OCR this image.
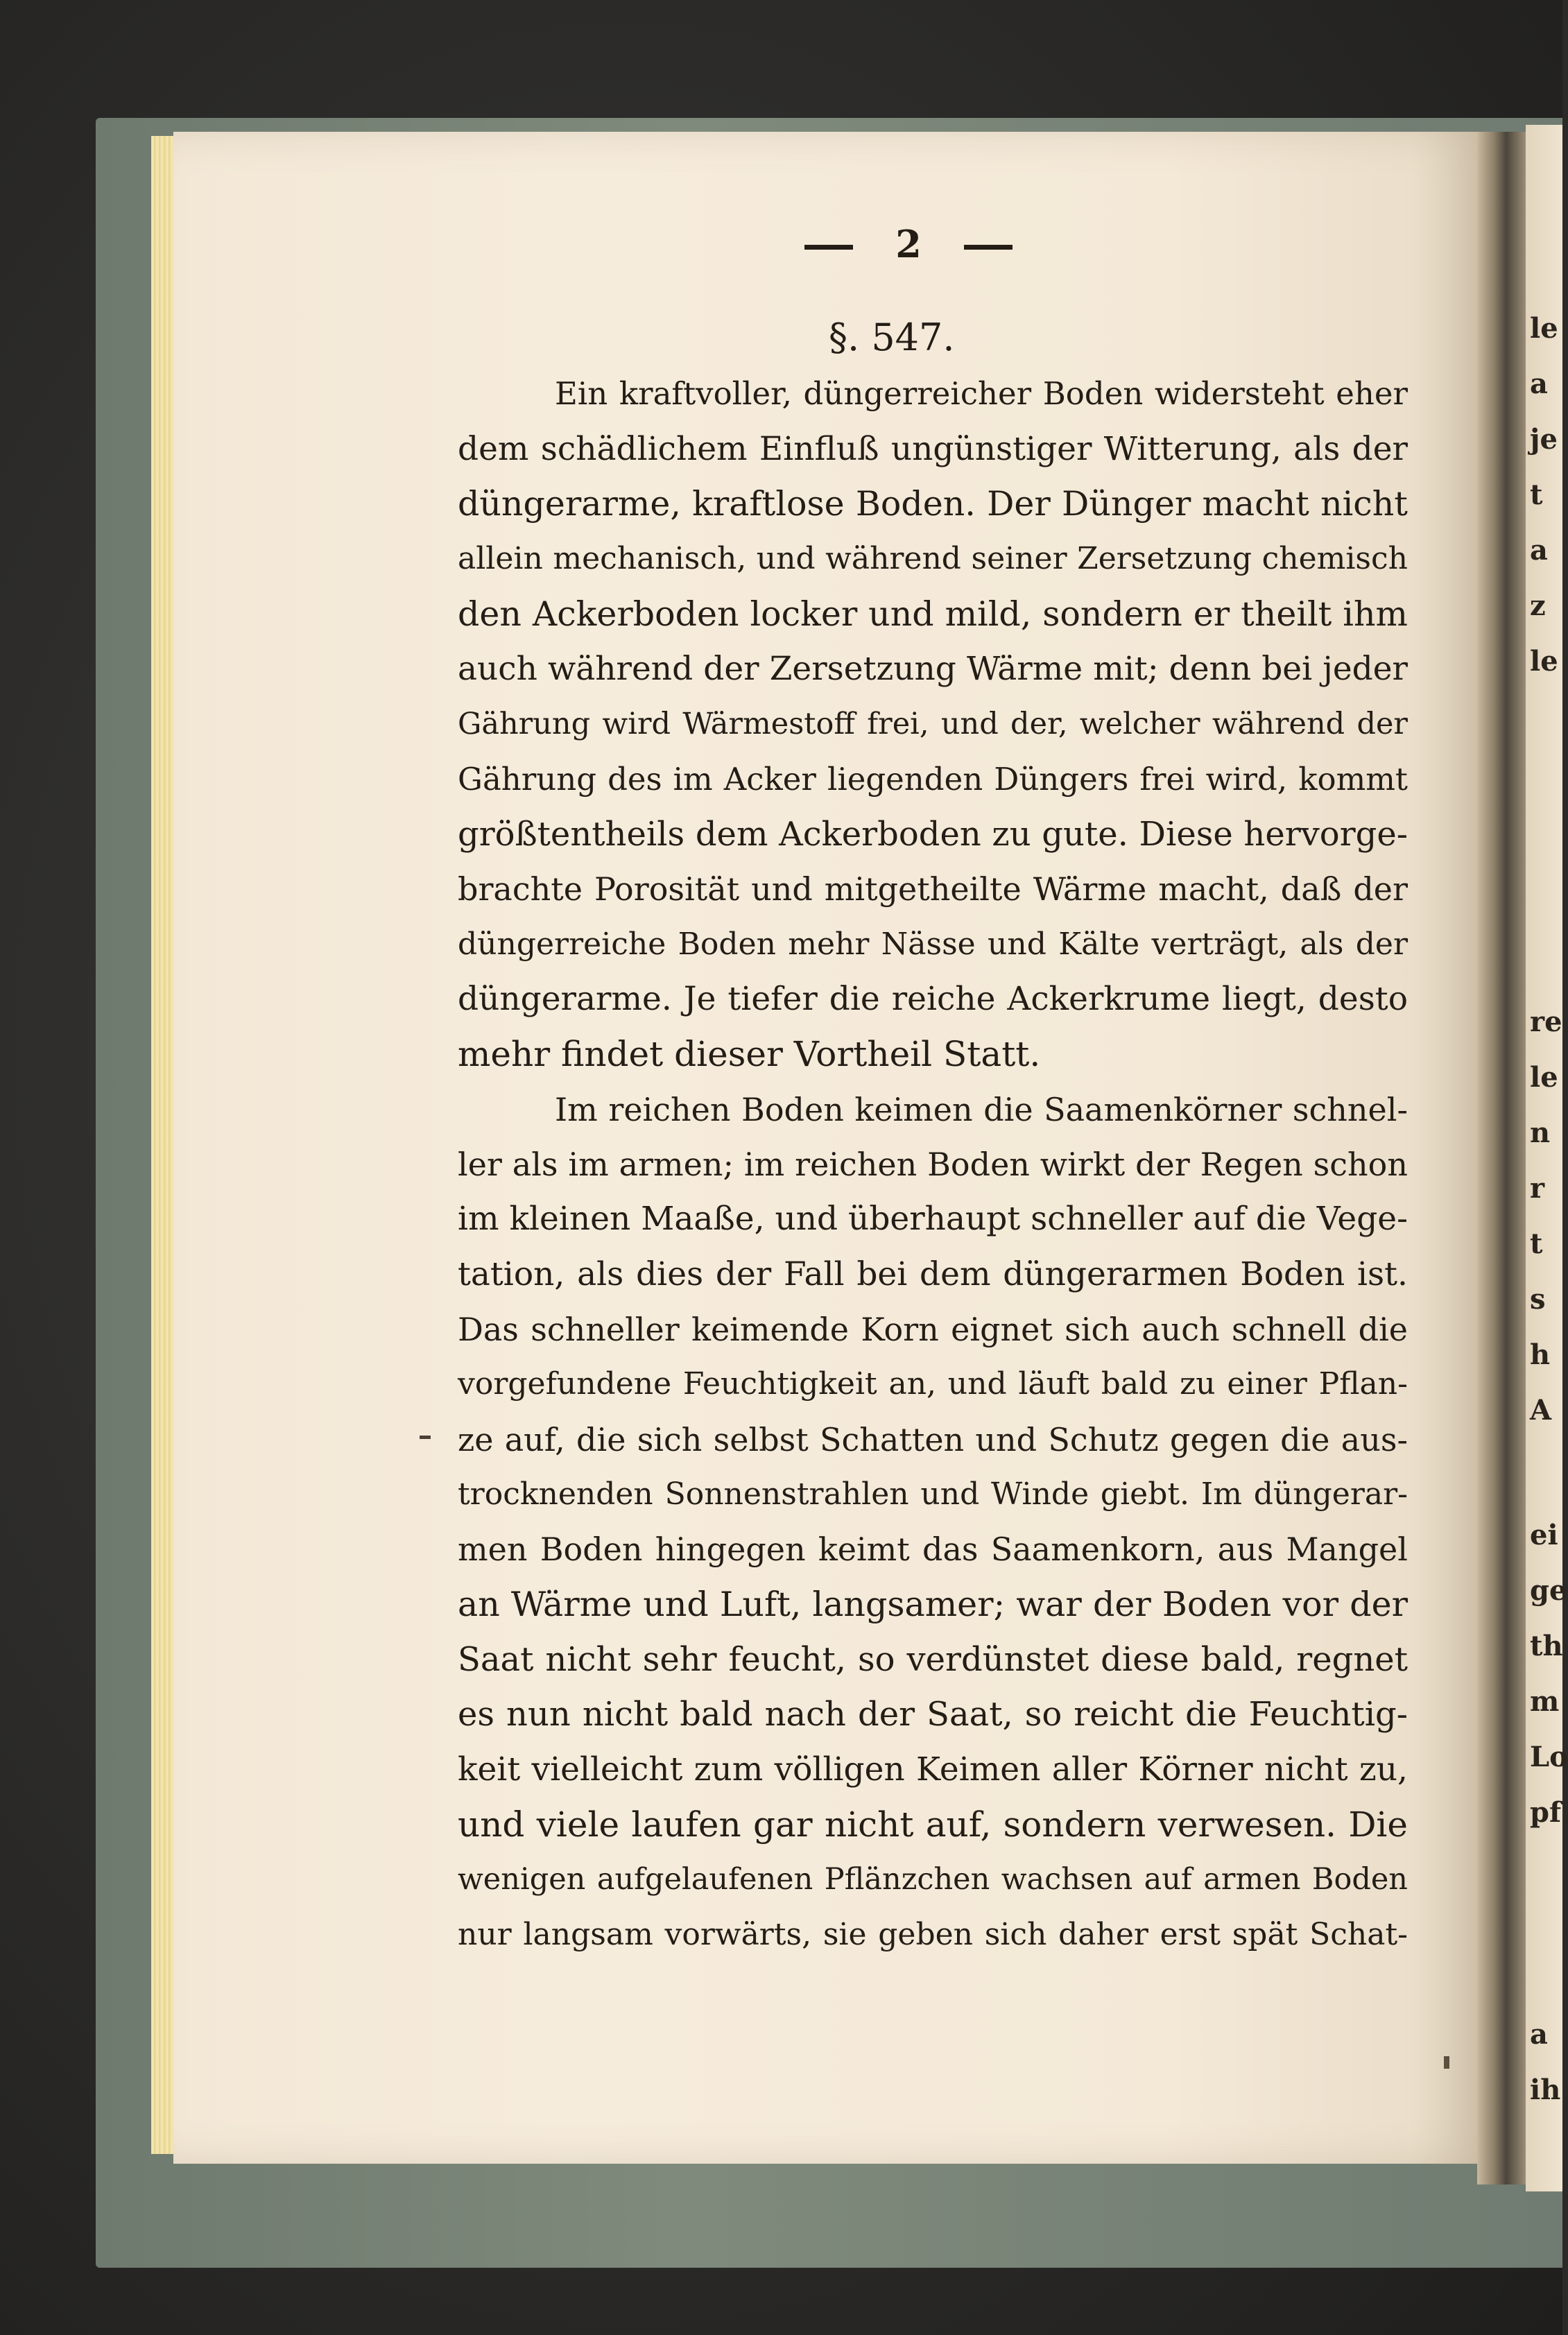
le
a
je
t
a
z
le
re
le
n
r
t
s
h
A
ei
ge
th
m
Lo
pf
a
ih
2
§. 547.
Ein kraftvoller, düngerreicher Boden widersteht eher
dem schädlichem Einfluß ungünstiger Witterung, als der
düngerarme, kraftlose Boden. Der Dünger macht nicht
allein mechanisch, und während seiner Zersetzung chemisch
den Ackerboden locker und mild, sondern er theilt ihm
auch während der Zersetzung Wärme mit; denn bei jeder
Gährung wird Wärmestoff frei, und der, welcher während der
Gährung des im Acker liegenden Düngers frei wird, kommt
größtentheils dem Ackerboden zu gute. Diese hervorge-
brachte Porosität und mitgetheilte Wärme macht, daß der
düngerreiche Boden mehr Nässe und Kälte verträgt, als der
düngerarme. Je tiefer die reiche Ackerkrume liegt, desto
mehr findet dieser Vortheil Statt.
Im reichen Boden keimen die Saamenkörner schnel-
ler als im armen; im reichen Boden wirkt der Regen schon
im kleinen Maaße, und überhaupt schneller auf die Vege-
tation, als dies der Fall bei dem düngerarmen Boden ist.
Das schneller keimende Korn eignet sich auch schnell die
vorgefundene Feuchtigkeit an, und läuft bald zu einer Pflan-
ze auf, die sich selbst Schatten und Schutz gegen die aus-
trocknenden Sonnenstrahlen und Winde giebt. Im düngerar-
men Boden hingegen keimt das Saamenkorn, aus Mangel
an Wärme und Luft, langsamer; war der Boden vor der
Saat nicht sehr feucht, so verdünstet diese bald, regnet
es nun nicht bald nach der Saat, so reicht die Feuchtig-
keit vielleicht zum völligen Keimen aller Körner nicht zu,
und viele laufen gar nicht auf, sondern verwesen. Die
wenigen aufgelaufenen Pflänzchen wachsen auf armen Boden
nur langsam vorwärts, sie geben sich daher erst spät Schat-
